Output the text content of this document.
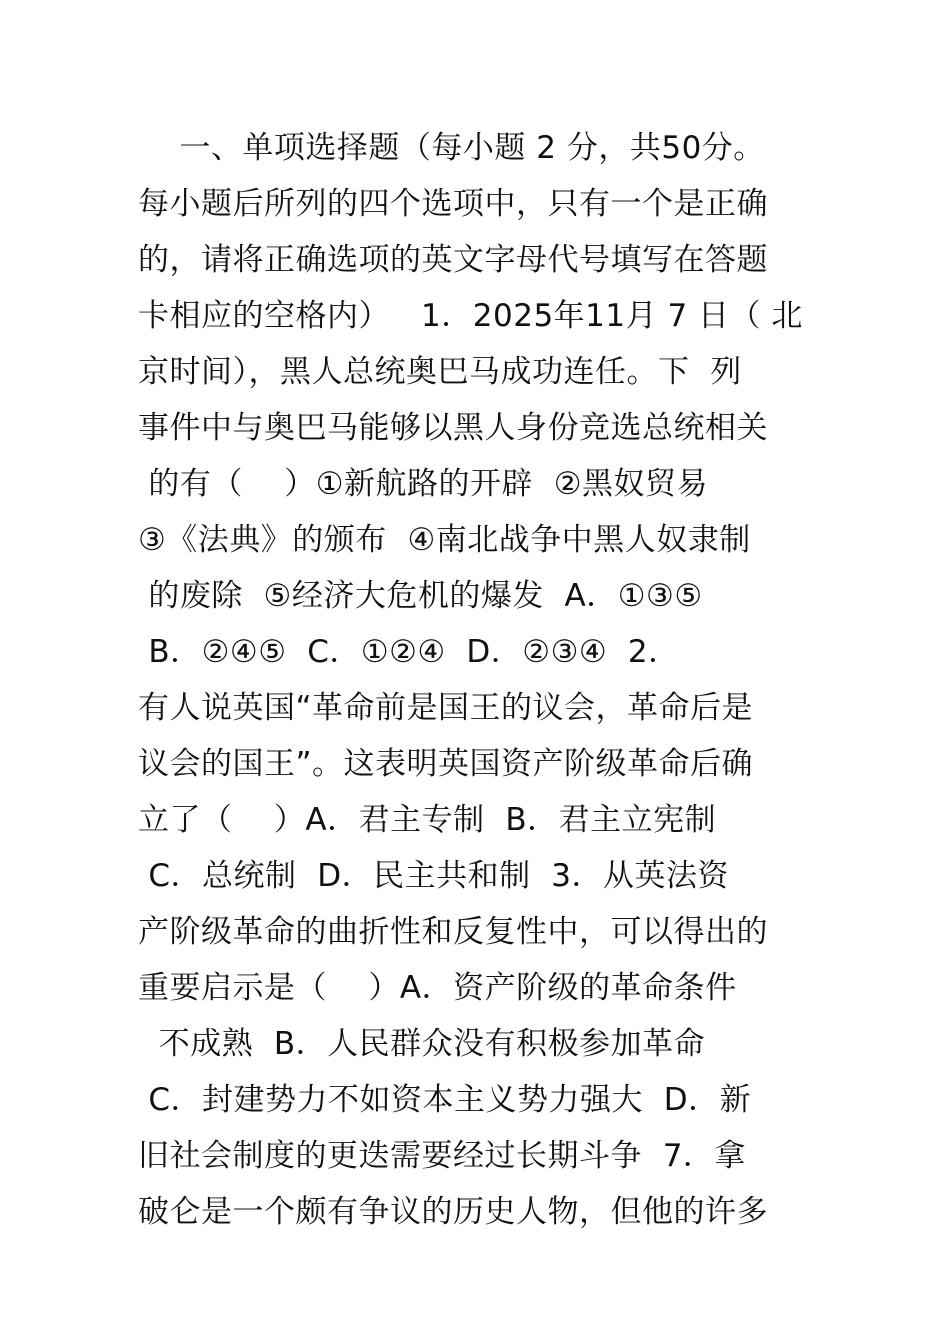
一、单项选择题（每小题 2 分，共50分。
每小题后所列的四个选项中，只有一个是正确
的，请将正确选项的英文字母代号填写在答题
卡相应的空格内）   1．2025年11月 7 日（ 北
京时间），黑人总统奥巴马成功连任。下  列
事件中与奥巴马能够以黑人身份竞选总统相关
的有（    ）①新航路的开辟  ②黑奴贸易
③《法典》的颁布  ④南北战争中黑人奴隶制
的废除  ⑤经济大危机的爆发  A．①③⑤
B．②④⑤  C．①②④  D．②③④  2．
有人说英国“革命前是国王的议会，革命后是
议会的国王”。这表明英国资产阶级革命后确
立了（    ）A．君主专制  B．君主立宪制
C．总统制  D．民主共和制  3．从英法资
产阶级革命的曲折性和反复性中，可以得出的
重要启示是（    ）A．资产阶级的革命条件
不成熟  B．人民群众没有积极参加革命
C．封建势力不如资本主义势力强大  D．新
旧社会制度的更迭需要经过长期斗争  7．拿
破仑是一个颇有争议的历史人物，但他的许多
